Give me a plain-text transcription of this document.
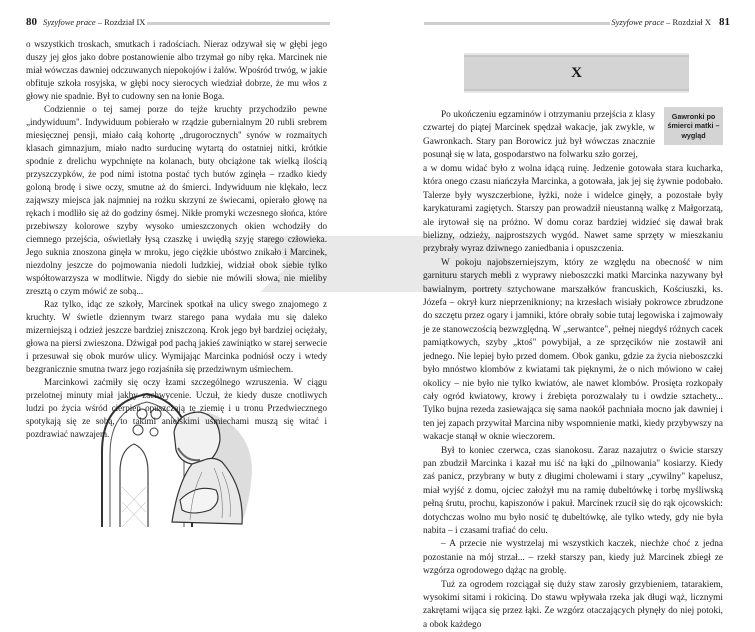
80 Syzyfowe prace – Rozdział IX

o wszystkich troskach, smutkach i radościach. Nieraz odzywał się w głębi jego duszy jej głos jako dobre postanowienie albo trzymał go niby ręka. Marcinek nie miał wówczas dawniej odczuwanych niepokojów i żalów. Wpośród trwóg, w jakie obfituje szkoła rosyjska, w głębi nocy sierocych wiedział dobrze, że mu włos z głowy nie spadnie. Był to cudowny sen na łonie Boga.

Codziennie o tej samej porze do tejże kruchty przychodziło pewne „indywiduum". Indywiduum pobierało w rządzie gubernialnym 20 rubli srebrem miesięcznej pensji, miało całą kohortę „drugorocznych" synów w rozmaitych klasach gimnazjum, miało nadto surducinę wytartą do ostatniej nitki, krótkie spodnie z drelichu wypchnięte na kolanach, buty obciążone tak wielką ilością przyszczypków, że pod nimi istotna postać tych butów zginęła – rzadko kiedy goloną brodę i siwe oczy, smutne aż do śmierci. Indywiduum nie klękało, lecz zająwszy miejsca jak najmniej na rożku skrzyni ze świecami, opierało głowę na rękach i modliło się aż do godziny ósmej. Nikłe promyki wczesnego słońca, które przebiwszy kolorowe szyby wysoko umieszczonych okien wchodziły do ciemnego przejścia, oświetlały łysą czaszkę i uwiędłą szyję starego człowieka. Jego suknia znoszona ginęła w mroku, jego ciężkie ubóstwo znikało i Marcinek, niezdolny jeszcze do pojmowania niedoli ludzkiej, widział obok siebie tylko współtowarzysza w modlitwie. Nigdy do siebie nie mówili słowa, nie mieliby zresztą o czym mówić ze sobą...

Raz tylko, idąc ze szkoły, Marcinek spotkał na ulicy swego znajomego z kruchty. W świetle dziennym twarz starego pana wydała mu się daleko mizerniejszą i odzież jeszcze bardziej zniszczoną. Krok jego był bardziej ociężały, głowa na piersi zwieszona. Dźwigał pod pachą jakieś zawiniątko w starej serwecie i przesuwał się obok murów ulicy. Wymijając Marcinka podniósł oczy i wtedy bezgranicznie smutna twarz jego rozjaśniła się przedziwnym uśmiechem.

Marcinkowi zaćmiły się oczy łzami szczególnego wzruszenia. W ciągu przelotnej minuty miał jakby zachwycenie. Uczuł, że kiedy dusze cnotliwych ludzi po życia wśród cierpień opuszczają tę ziemię i u tronu Przedwiecznego spotykają się ze sobą, to takimi anielskimi uśmiechami muszą się witać i pozdrawiać nawzajem.

Syzyfowe prace – Rozdział X 81
X

Po ukończeniu egzaminów i otrzymaniu przejścia z klasy czwartej do piątej Marcinek spędzał wakacje, jak zwykle, w Gawronkach. Stary pan Borowicz już był wówczas znacznie posunął się w lata, gospodarstwo na folwarku szło gorzej,

Gawronki po śmierci matki – wygląd

a w domu widać było z wolna idącą ruinę. Jedzenie gotowała stara kucharka, która onego czasu niańczyła Marcinka, a gotowała, jak jej się żywnie podobało. Talerze były wyszczerbione, łyżki, noże i widelce ginęły, a pozostałe były karykaturami zagiętych. Starszy pan prowadził nieustanną walkę z Małgorzatą, ale irytował się na próżno. W domu coraz bardziej widzieć się dawał brak bielizny, odzieży, najprostszych wygód. Nawet same sprzęty w mieszkaniu przybrały wyraz dziwnego zaniedbania i opuszczenia.

W pokoju najobszerniejszym, który ze względu na obecność w nim garnituru starych mebli z wyprawy nieboszczki matki Marcinka nazywany był bawialnym, portrety sztychowane marszałków francuskich, Kościuszki, ks. Józefa – okrył kurz nieprzenikniony; na krzesłach wisiały pokrowce zbrudzone do szczętu przez ogary i jamniki, które obrały sobie tutaj legowiska i zajmowały je ze stanowczością bezwzględną. W „serwantce", pełnej niegdyś różnych cacek pamiątkowych, szyby „ktoś" powybijał, a ze sprzęcików nie zostawił ani jednego. Nie lepiej było przed domem. Obok ganku, gdzie za życia nieboszczki było mnóstwo klombów z kwiatami tak pięknymi, że o nich mówiono w całej okolicy – nie było nie tylko kwiatów, ale nawet klombów. Prosięta rozkopały cały ogród kwiatowy, krowy i źrebięta porozwalały tu i owdzie sztachety... Tylko bujna rezeda zasiewająca się sama naokół pachniała mocno jak dawniej i ten jej zapach przywitał Marcina niby wspomnienie matki, kiedy przybywszy na wakacje stanął w oknie wieczorem.

Był to koniec czerwca, czas sianokosu. Zaraz nazajutrz o świcie starszy pan zbudził Marcinka i kazał mu iść na łąki do „pilnowania" kosiarzy. Kiedy zaś panicz, przybrany w buty z długimi cholewami i stary „cywilny" kapelusz, miał wyjść z domu, ojciec założył mu na ramię dubeltówkę i torbę myśliwską pełną śrutu, prochu, kapiszonów i pakuł. Marcinek rzucił się do rąk ojcowskich: dotychczas wolno mu było nosić tę dubeltówkę, ale tylko wtedy, gdy nie była nabita – i czasami trafiać do celu.

– A przecie nie wystrzelaj mi wszystkich kaczek, niechże choć z jedna pozostanie na mój strzał... – rzekł starszy pan, kiedy już Marcinek zbiegł ze wzgórza ogrodowego dążąc na groblę.

Tuż za ogrodem rozciągał się duży staw zarosły grzybieniem, tatarakiem, wysokimi sitami i rokiciną. Do stawu wpływała rzeka jak długi wąż, licznymi zakrętami wijąca się przez łąki. Ze wzgórz otaczających płynęły do niej potoki, a obok każdego
